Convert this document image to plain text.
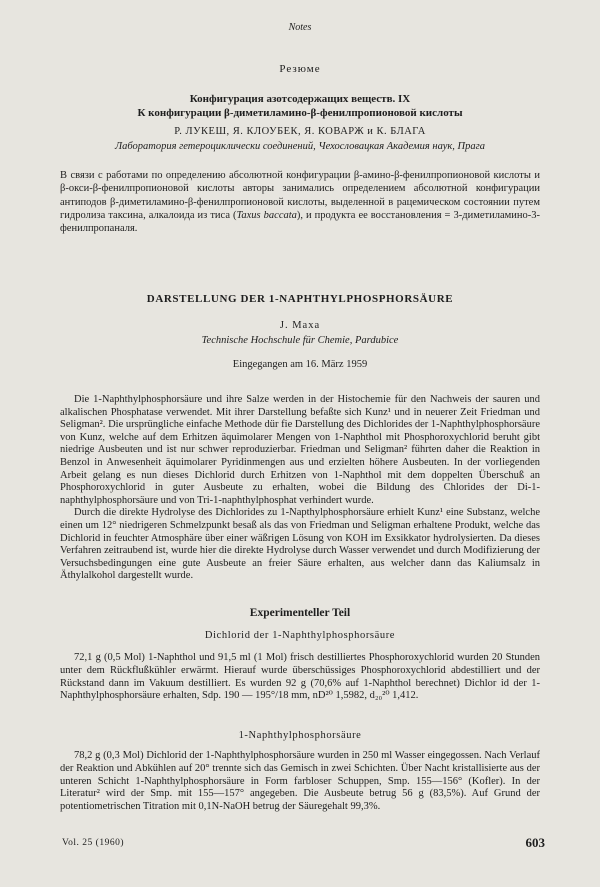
Notes
Резюме
Конфигурация азотсодержащих веществ. IX
К конфигурации β-диметиламино-β-фенилпропионовой кислоты
Р. ЛУКЕШ, Я. КЛОУБЕК, Я. КОВАРЖ и К. БЛАГА
Лаборатория гетероциклически соединений, Чехословацкая Академия наук, Прага
В связи с работами по определению абсолютной конфигурации β-амино-β-фенилпропионовой кислоты и β-окси-β-фенилпропионовой кислоты авторы занимались определением абсолютной конфигурации антиподов β-диметиламино-β-фенилпропионовой кислоты, выделенной в рацемическом состоянии путем гидролиза таксина, алкалоида из тиса (Taxus baccata), и продукта ее восстановления = 3-диметиламино-3-фенилпропаналя.
DARSTELLUNG DER 1-NAPHTHYLPHOSPHORSÄURE
J. Maxa
Technische Hochschule für Chemie, Pardubice
Eingegangen am 16. März 1959

Die 1-Naphthylphosphorsäure und ihre Salze werden in der Histochemie für den Nachweis der sauren und alkalischen Phosphatase verwendet. Mit ihrer Darstellung befaßte sich Kunz¹ und in neuerer Zeit Friedman und Seligman². Die ursprüngliche einfache Methode dür fie Darstellung des Dichlorides der 1-Naphthylphosphorsäure von Kunz, welche auf dem Erhitzen äquimolarer Mengen von 1-Naphthol mit Phosphoroxychlorid beruht gibt niedrige Ausbeuten und ist nur schwer reproduzierbar. Friedman und Seligman² führten daher die Reaktion in Benzol in Anwesenheit äquimolarer Pyridinmengen aus und erzielten höhere Ausbeuten. In der vorliegenden Arbeit gelang es nun dieses Dichlorid durch Erhitzen von 1-Naphthol mit dem doppelten Überschuß an Phosphoroxychlorid in guter Ausbeute zu erhalten, wobei die Bildung des Chlorides der Di-1-naphthylphosphorsäure und von Tri-1-naphthylphosphat verhindert wurde.

Durch die direkte Hydrolyse des Dichlorides zu 1-Napthylphosphorsäure erhielt Kunz¹ eine Substanz, welche einen um 12° niedrigeren Schmelzpunkt besaß als das von Friedman und Seligman erhaltene Produkt, welche das Dichlorid in feuchter Atmosphäre über einer wäßrigen Lösung von KOH im Exsikkator hydrolysierten. Da dieses Verfahren zeitraubend ist, wurde hier die direkte Hydrolyse durch Wasser verwendet und durch Modifizierung der Versuchsbedingungen eine gute Ausbeute an freier Säure erhalten, aus welcher dann das Kaliumsalz in Äthylalkohol dargestellt wurde.

Experimenteller Teil
Dichlorid der 1-Naphthylphosphorsäure

72,1 g (0,5 Mol) 1-Naphthol und 91,5 ml (1 Mol) frisch destilliertes Phosphoroxychlorid wurden 20 Stunden unter dem Rückflußkühler erwärmt. Hierauf wurde überschüssiges Phosphoroxychlorid abdestilliert und der Rückstand dann im Vakuum destilliert. Es wurden 92 g (70,6% auf 1-Naphthol berechnet) Dichlor id der 1-Naphthylphosphorsäure erhalten, Sdp. 190 — 195°/18 mm, nD²⁰ 1,5982, d₂₀²⁰ 1,412.

1-Naphthylphosphorsäure

78,2 g (0,3 Mol) Dichlorid der 1-Naphthylphosphorsäure wurden in 250 ml Wasser eingegossen. Nach Verlauf der Reaktion und Abkühlen auf 20° trennte sich das Gemisch in zwei Schichten. Über Nacht kristallisierte aus der unteren Schicht 1-Naphthylphosphorsäure in Form farbloser Schuppen, Smp. 155—156° (Kofler). In der Literatur² wird der Smp. mit 155—157° angegeben. Die Ausbeute betrug 56 g (83,5%). Auf Grund der potentiometrischen Titration mit 0,1N-NaOH betrug der Säuregehalt 99,3%.

Vol. 25 (1960)	603
